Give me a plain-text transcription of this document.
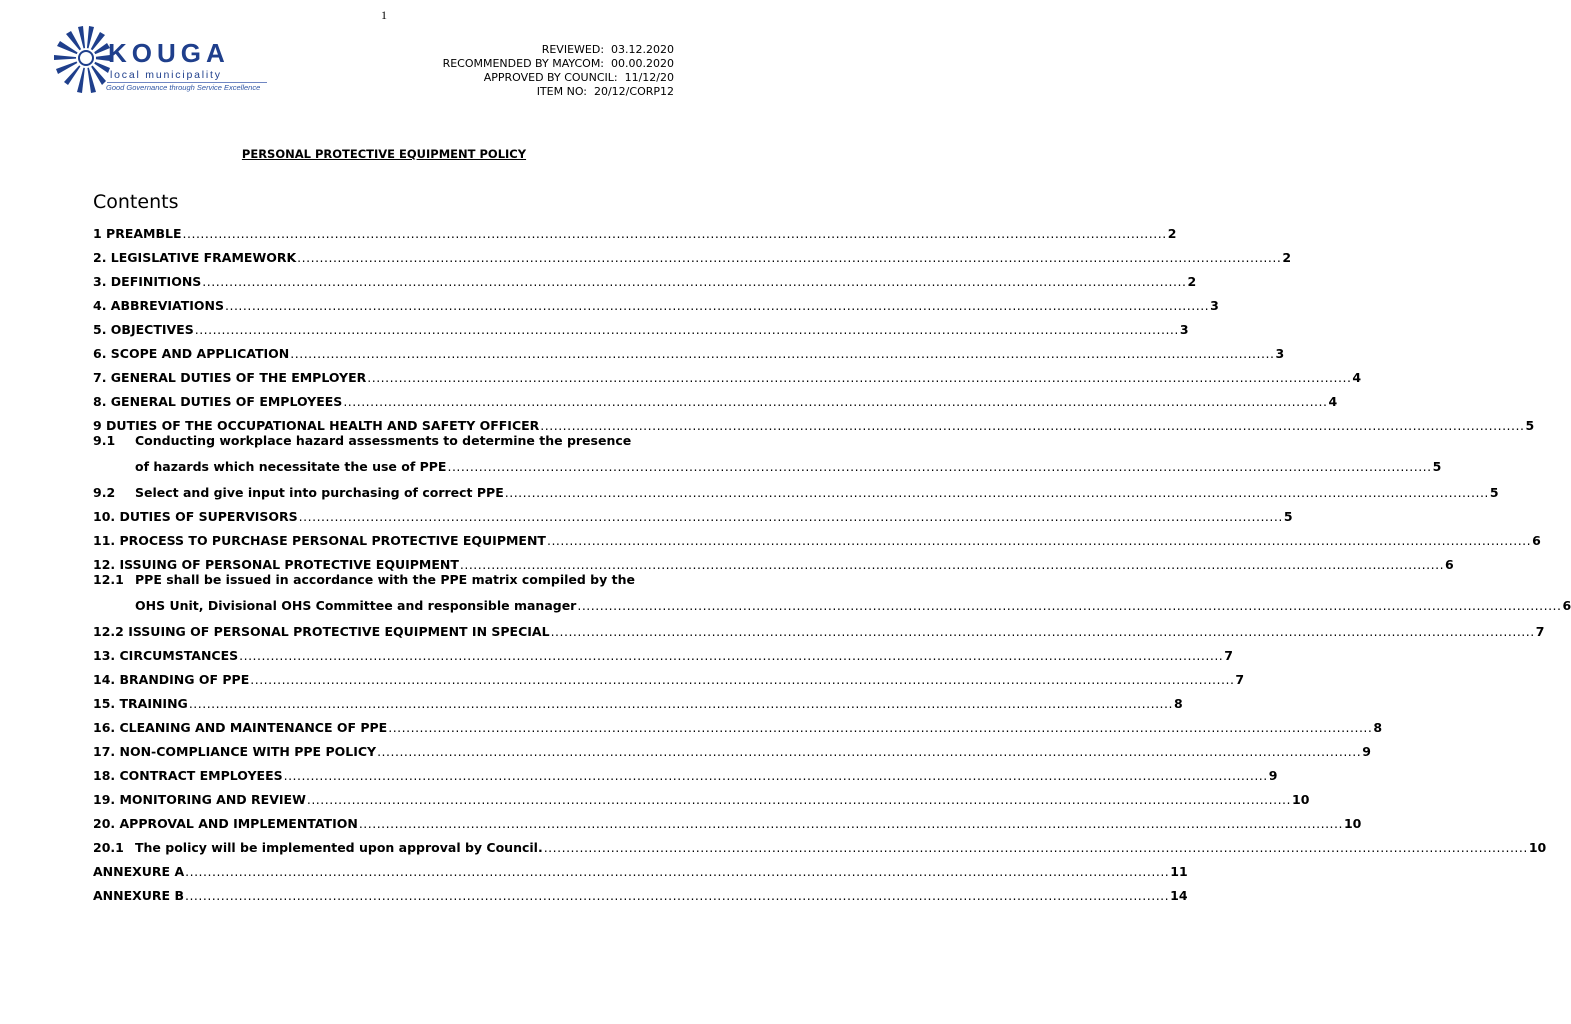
1
KOUGA
local municipality
Good Governance through Service Excellence
REVIEWED:  03.12.2020
RECOMMENDED BY MAYCOM:  00.00.2020
APPROVED BY COUNCIL:  11/12/20
ITEM NO:  20/12/CORP12
PERSONAL PROTECTIVE EQUIPMENT POLICY
Contents
1 PREAMBLE ............................................................................................................................................................................................................................ 2
2. LEGISLATIVE FRAMEWORK ............................................................................................................................................................................................................................ 2
3. DEFINITIONS ............................................................................................................................................................................................................................ 2
4. ABBREVIATIONS ............................................................................................................................................................................................................................ 3
5. OBJECTIVES ............................................................................................................................................................................................................................ 3
6. SCOPE AND APPLICATION ............................................................................................................................................................................................................................ 3
7. GENERAL DUTIES OF THE EMPLOYER ............................................................................................................................................................................................................................ 4
8. GENERAL DUTIES OF EMPLOYEES ............................................................................................................................................................................................................................ 4
9 DUTIES OF THE OCCUPATIONAL HEALTH AND SAFETY OFFICER ............................................................................................................................................................................................................................ 5
9.1	Conducting workplace hazard assessments to determine the presence
of hazards which necessitate the use of PPE ............................................................................................................................................................................................................................ 5
9.2	Select and give input into purchasing of correct PPE ............................................................................................................................................................................................................................ 5
10. DUTIES OF SUPERVISORS ............................................................................................................................................................................................................................ 5
11. PROCESS TO PURCHASE PERSONAL PROTECTIVE EQUIPMENT ............................................................................................................................................................................................................................ 6
12. ISSUING OF PERSONAL PROTECTIVE EQUIPMENT ............................................................................................................................................................................................................................ 6
12.1 PPE shall be issued in accordance with the PPE matrix compiled by the
OHS Unit, Divisional OHS Committee and responsible manager ............................................................................................................................................................................................................................ 6
12.2 ISSUING OF PERSONAL PROTECTIVE EQUIPMENT IN SPECIAL ............................................................................................................................................................................................................................ 7
13. CIRCUMSTANCES ............................................................................................................................................................................................................................ 7
14. BRANDING OF PPE ............................................................................................................................................................................................................................ 7
15. TRAINING ............................................................................................................................................................................................................................ 8
16. CLEANING AND MAINTENANCE OF PPE ............................................................................................................................................................................................................................ 8
17. NON-COMPLIANCE WITH PPE POLICY ............................................................................................................................................................................................................................ 9
18. CONTRACT EMPLOYEES ............................................................................................................................................................................................................................ 9
19. MONITORING AND REVIEW ............................................................................................................................................................................................................................ 10
20. APPROVAL AND IMPLEMENTATION ............................................................................................................................................................................................................................ 10
20.1 The policy will be implemented upon approval by Council. ............................................................................................................................................................................................................................ 10
ANNEXURE A ............................................................................................................................................................................................................................ 11
ANNEXURE B ............................................................................................................................................................................................................................ 14
